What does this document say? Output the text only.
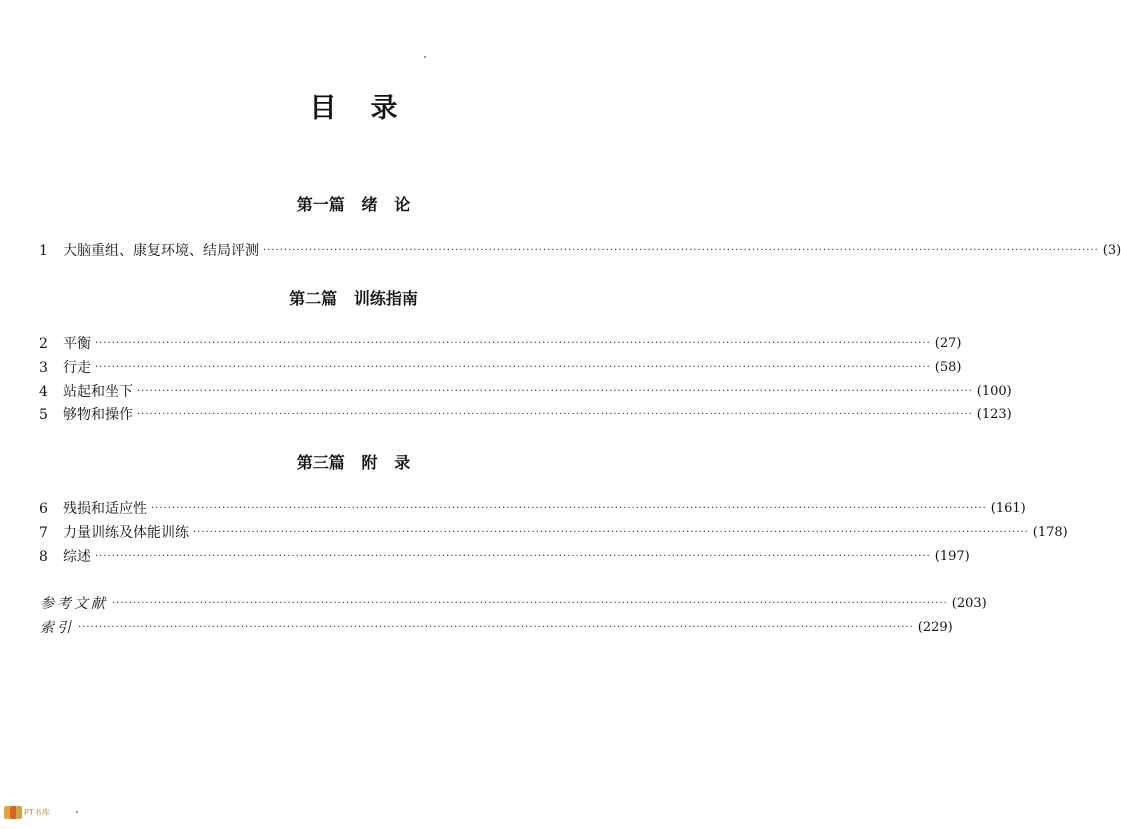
目录
第一篇   绪   论
1	大脑重组、康复环境、结局评测 ········································································································································································································ (3)
第二篇   训练指南
2	平衡 ········································································································································································································ (27)
3	行走 ········································································································································································································ (58)
4	站起和坐下 ········································································································································································································ (100)
5	够物和操作 ········································································································································································································ (123)
第三篇   附   录
6	残损和适应性 ········································································································································································································ (161)
7	力量训练及体能训练 ········································································································································································································ (178)
8	综述 ········································································································································································································ (197)
参考文献 ········································································································································································································ (203)
索引 ········································································································································································································ (229)
PT书库
